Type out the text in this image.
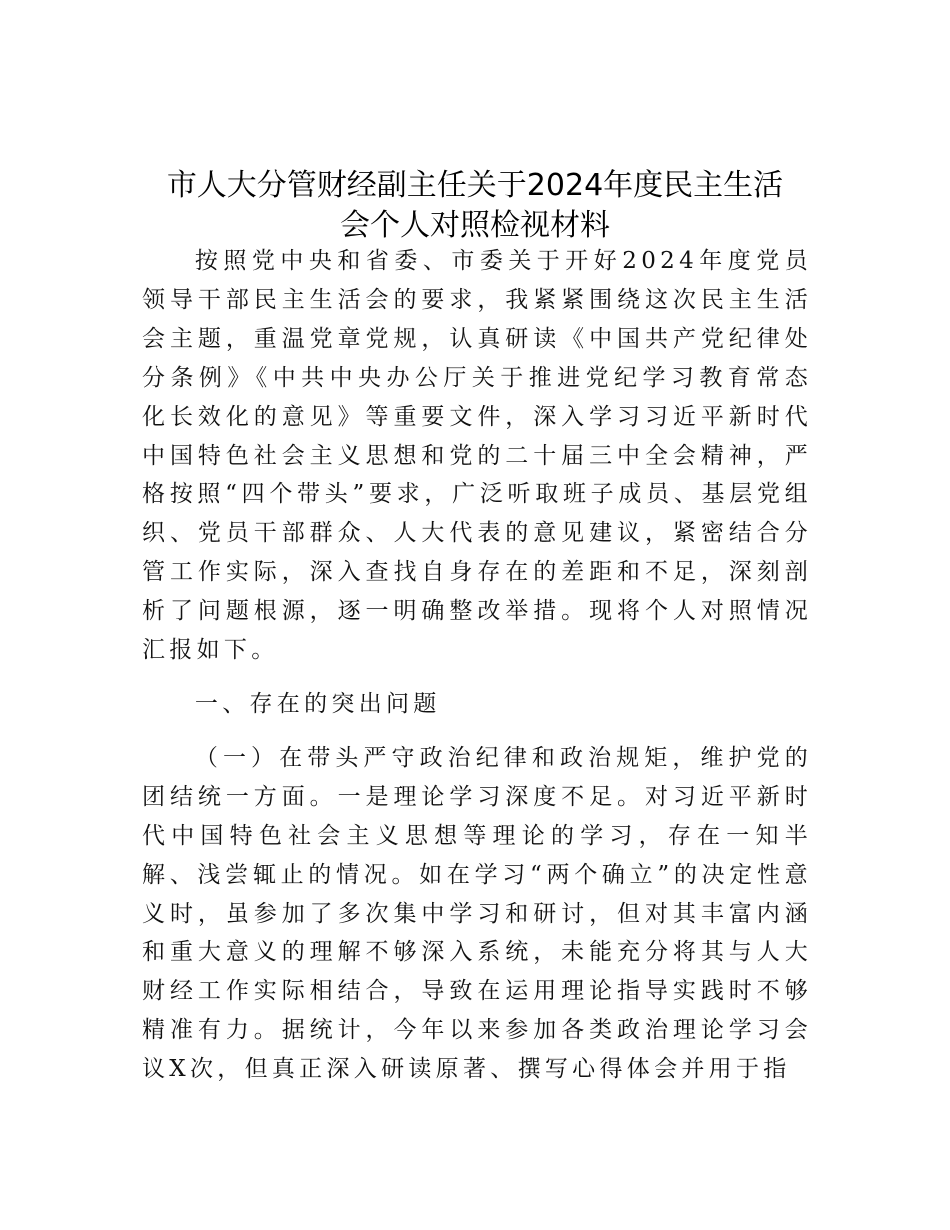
市人大分管财经副主任关于2024年度民主生活
会个人对照检视材料

按照党中央和省委、市委关于开好2024年度党员领导干部民主生活会的要求，我紧紧围绕这次民主生活会主题，重温党章党规，认真研读《中国共产党纪律处分条例》《中共中央办公厅关于推进党纪学习教育常态化长效化的意见》等重要文件，深入学习习近平新时代中国特色社会主义思想和党的二十届三中全会精神，严格按照“四个带头”要求，广泛听取班子成员、基层党组织、党员干部群众、人大代表的意见建议，紧密结合分管工作实际，深入查找自身存在的差距和不足，深刻剖析了问题根源，逐一明确整改举措。现将个人对照情况汇报如下。

一、存在的突出问题

（一）在带头严守政治纪律和政治规矩，维护党的团结统一方面。一是理论学习深度不足。对习近平新时代中国特色社会主义思想等理论的学习，存在一知半解、浅尝辄止的情况。如在学习“两个确立”的决定性意义时，虽参加了多次集中学习和研讨，但对其丰富内涵和重大意义的理解不够深入系统，未能充分将其与人大财经工作实际相结合，导致在运用理论指导实践时不够精准有力。据统计，今年以来参加各类政治理论学习会议X次，但真正深入研读原著、撰写心得体会并用于指
